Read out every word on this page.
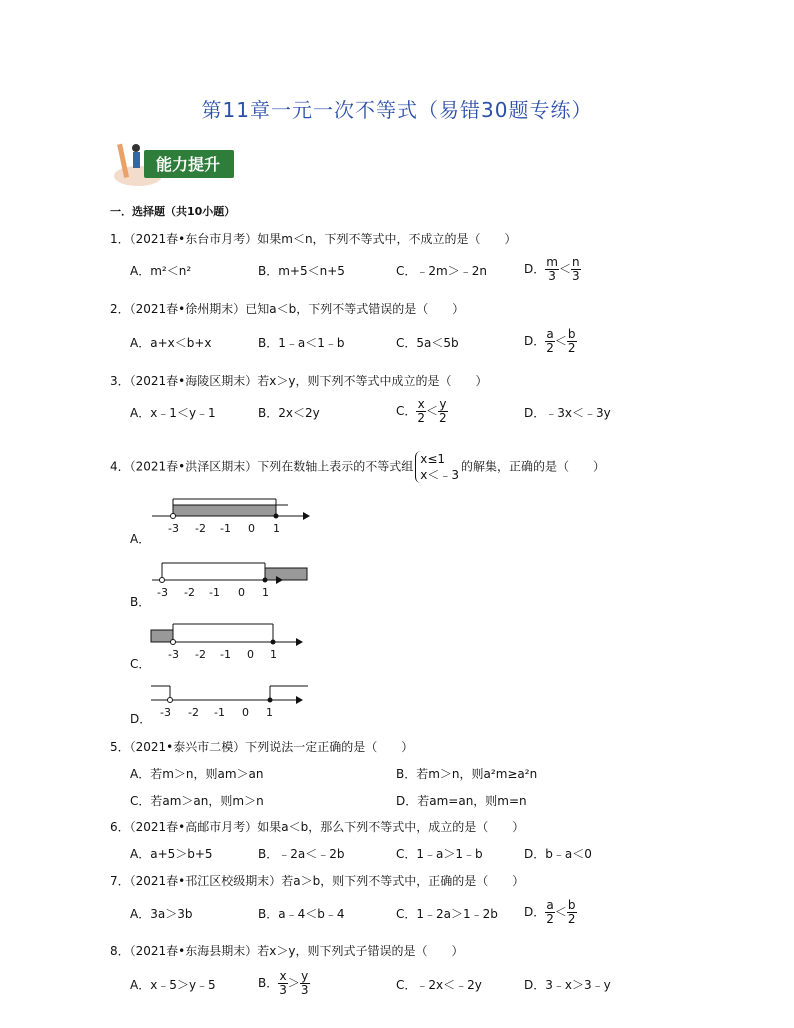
第11章一元一次不等式（易错30题专练）
能力提升
一．选择题（共10小题）
1．（2021春•东台市月考）如果m＜n，下列不等式中，不成立的是（　　）
A．m²＜n²	B．m+5＜n+5	C．﹣2m＞﹣2n	D． $\frac{m}{3} < \frac{n}{3}$
2．（2021春•徐州期末）已知a＜b，下列不等式错误的是（　　）
A．a+x＜b+x	B．1﹣a＜1﹣b	C．5a＜5b	D． $\frac{a}{2} < \frac{b}{2}$
3．（2021春•海陵区期末）若x＞y，则下列不等式中成立的是（　　）
A．x﹣1＜y﹣1	B．2x＜2y	C． $\frac{x}{2} < \frac{y}{2}$	D．﹣3x＜﹣3y
4．（2021春•洪泽区期末）下列在数轴上表示的不等式组
x≤1
x＜﹣3
的解集，正确的是（　　）
A．
-3 -2 -1 0 1
B．
-3 -2 -1 0 1
C．
-3 -2 -1 0 1
D． -3 -2 -1 0 1
5．（2021•泰兴市二模）下列说法一定正确的是（　　）
A．若m＞n，则am＞an	B．若m＞n，则a²m≥a²n
C．若am＞an，则m＞n	D．若am=an，则m=n
6．（2021春•高邮市月考）如果a＜b，那么下列不等式中，成立的是（　　）
A．a+5＞b+5	B．﹣2a＜﹣2b	C．1﹣a＞1﹣b	D．b﹣a＜0
7．（2021春•邗江区校级期末）若a＞b，则下列不等式中，正确的是（　　）
A．3a＞3b	B．a﹣4＜b﹣4	C．1﹣2a＞1﹣2b D． $\frac{a}{2} < \frac{b}{2}$
8．（2021春•东海县期末）若x＞y，则下列式子错误的是（　　）
A．x﹣5＞y﹣5	B． $\frac{x}{3} > \frac{y}{3}$	C．﹣2x＜﹣2y	D．3﹣x＞3﹣y
